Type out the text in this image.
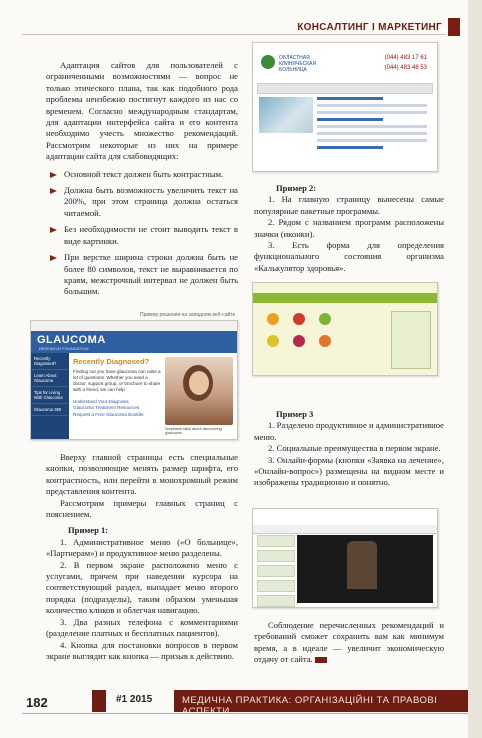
КОНСАЛТИНГ І МАРКЕТИНГ

Адаптация сайтов для пользователей с ограниченными возможностями — вопрос не только этического плана, так как подобного рода проблемы неизбежно постигнут каждого из нас со временем. Согласно международным стандартам, для адаптации интерфейса сайта и его контента необходимо учесть множество рекомендаций. Рассмотрим некоторые из них на примере адаптации сайта для слабовидящих:

Основной текст должен быть контрастным.
Должна быть возможность увеличить текст на 200%, при этом страница должна остаться читаемой.
Без необходимости не стоит выводить текст в виде картинки.
При верстке ширина строки должна быть не более 80 символов, текст не выравнивается по краям, межстрочный интервал не должен быть большим.
Пример решения на западном веб-сайте
GLAUCOMA
RESEARCH FOUNDATION
Recently Diagnosed?
Learn About Glaucoma
Tips for Living With Glaucoma
Glaucoma 360
Recently Diagnosed?
Finding out you have glaucoma can raise a lot of questions. Whether you need a doctor, support group, or brochure to share with a friend, we can help
Understand Your Diagnosis
Glaucoma Treatment Resources
Request a Free Glaucoma Booklet
Stephanie talks about discovering glaucoma

Вверху главной страницы есть специальные кнопки, позволяющие менять размер шрифта, его контрастность, или перейти в монохромный режим представления контента.

Рассмотрим примеры главных страниц с пояснением.

Пример 1:

1. Административное меню («О больнице», «Партнерам») и продуктивное меню разделены.

2. В первом экране расположено меню с услугами, причем при наведении курсора на соответствующий раздел, выпадает меню второго порядка (подразделы), таким образом уменьшая количество кликов и облегчая навигацию.

3. Два разных телефона с комментариями (разделение платных и бесплатных пациентов).

4. Кнопка для постановки вопросов в первом экране выглядит как кнопка — призыв к действию.

ОБЛАСТНАЯ КЛИНИЧЕСКАЯ БОЛЬНИЦА
(044) 483 17 61
(044) 483 46 53

Пример 2:

1. На главную страницу вынесены самые популярные пакетные программы.

2. Рядом с названием программ расположены значки (иконки).

3. Есть форма для определения функционального состояния организма «Калькулятор здоровья».

Пример 3

1. Разделено продуктивное и административное меню.

2. Социальные преимущества в первом экране.

3. Онлайн-формы (кнопки «Заявка на лечение», «Онлайн-вопрос») размещены на видном месте и изображены традиционно и понятно.

Соблюдение перечисленных рекомендаций и требований сможет сохранить вам как минимум время, а в идеале — увеличит экономическую отдачу от сайта.

182	#1 2015	МЕДИЧНА ПРАКТИКА: ОРГАНІЗАЦІЙНІ ТА ПРАВОВІ АСПЕКТИ
